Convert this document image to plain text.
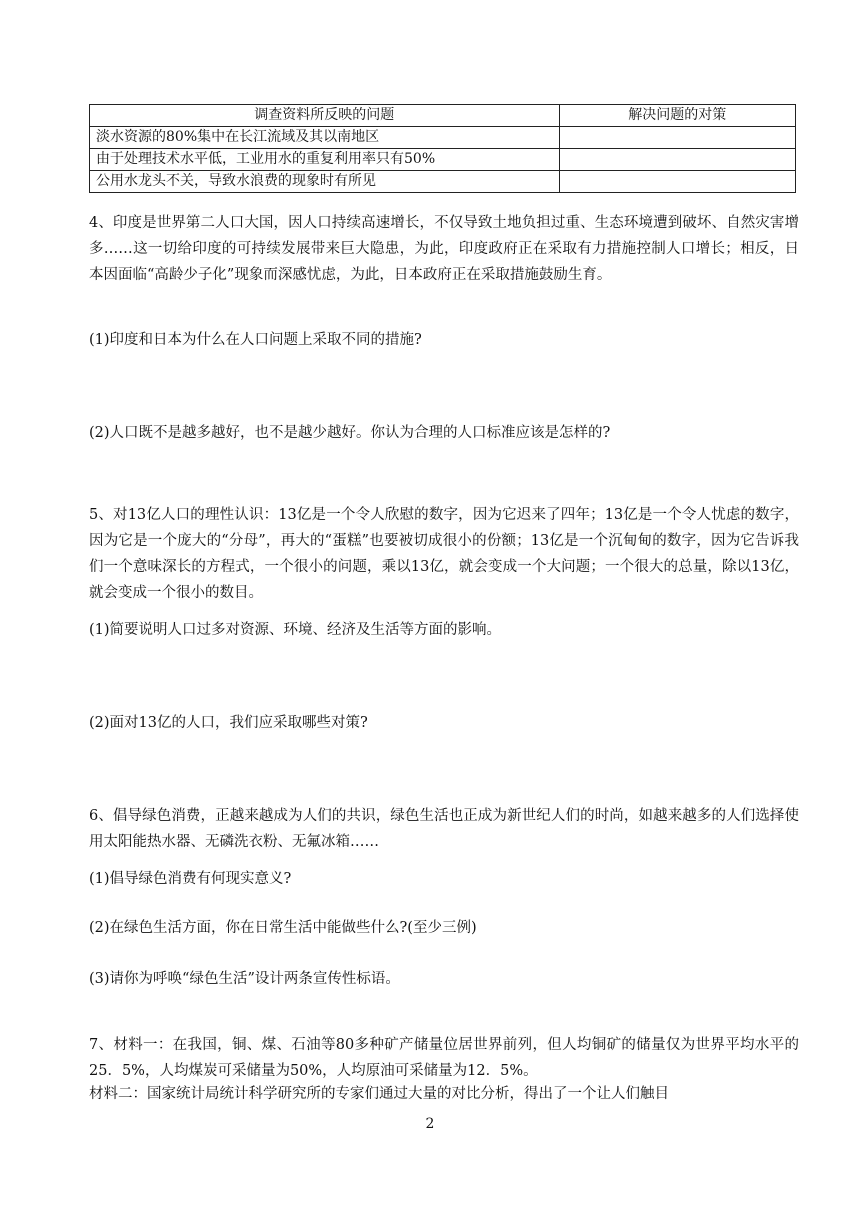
调查资料所反映的问题	解决问题的对策
淡水资源的80%集中在长江流域及其以南地区	
由于处理技术水平低，工业用水的重复利用率只有50%	
公用水龙头不关，导致水浪费的现象时有所见	

4、印度是世界第二人口大国，因人口持续高速增长，不仅导致土地负担过重、生态环境遭到破坏、自然灾害增多……这一切给印度的可持续发展带来巨大隐患，为此，印度政府正在采取有力措施控制人口增长；相反，日本因面临“高龄少子化”现象而深感忧虑，为此，日本政府正在采取措施鼓励生育。

(1)印度和日本为什么在人口问题上采取不同的措施?

(2)人口既不是越多越好，也不是越少越好。你认为合理的人口标准应该是怎样的?

5、对13亿人口的理性认识：13亿是一个令人欣慰的数字，因为它迟来了四年；13亿是一个令人忧虑的数字，因为它是一个庞大的“分母”，再大的“蛋糕”也要被切成很小的份额；13亿是一个沉甸甸的数字，因为它告诉我们一个意味深长的方程式，一个很小的问题，乘以13亿，就会变成一个大问题；一个很大的总量，除以13亿，就会变成一个很小的数目。

(1)简要说明人口过多对资源、环境、经济及生活等方面的影响。

(2)面对13亿的人口，我们应采取哪些对策?

6、倡导绿色消费，正越来越成为人们的共识，绿色生活也正成为新世纪人们的时尚，如越来越多的人们选择使用太阳能热水器、无磷洗衣粉、无氟冰箱……

(1)倡导绿色消费有何现实意义?

(2)在绿色生活方面，你在日常生活中能做些什么?(至少三例)

(3)请你为呼唤“绿色生活”设计两条宣传性标语。

7、材料一：在我国，铜、煤、石油等80多种矿产储量位居世界前列，但人均铜矿的储量仅为世界平均水平的25．5%，人均煤炭可采储量为50%，人均原油可采储量为12．5%。

材料二：国家统计局统计科学研究所的专家们通过大量的对比分析，得出了一个让人们触目

2
